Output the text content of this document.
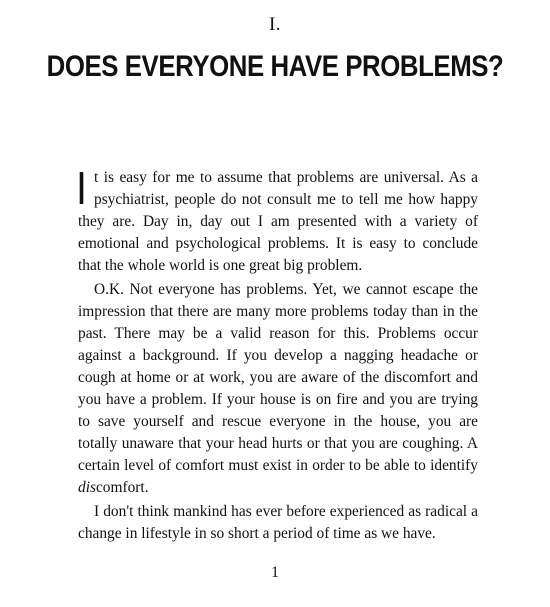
I.
DOES EVERYONE HAVE PROBLEMS?

It is easy for me to assume that problems are universal. As a psychiatrist, people do not consult me to tell me how happy they are. Day in, day out I am presented with a variety of emotional and psychological problems. It is easy to conclude that the whole world is one great big problem.

O.K. Not everyone has problems. Yet, we cannot escape the impression that there are many more problems today than in the past. There may be a valid reason for this. Problems occur against a background. If you develop a nagging headache or cough at home or at work, you are aware of the discomfort and you have a problem. If your house is on fire and you are trying to save yourself and rescue everyone in the house, you are totally unaware that your head hurts or that you are coughing. A certain level of comfort must exist in order to be able to identify discomfort.

I don't think mankind has ever before experienced as radical a change in lifestyle in so short a period of time as we have.

1
